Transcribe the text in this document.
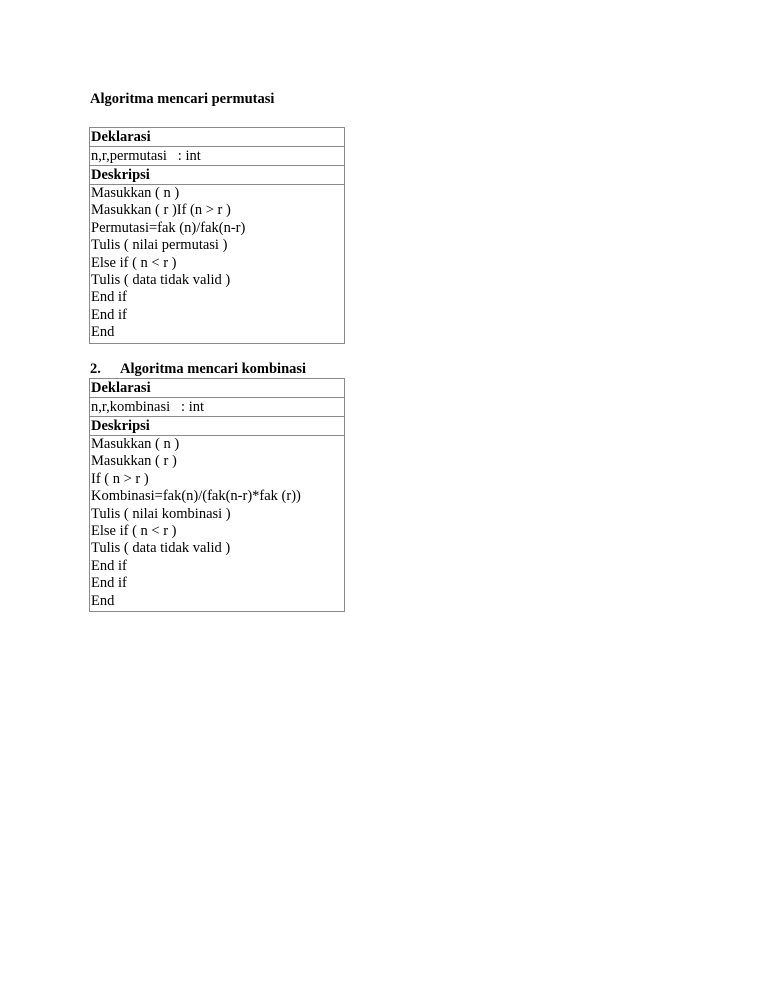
Algoritma mencari permutasi
Deklarasi
n,r,permutasi   : int
Deskripsi
Masukkan ( n )
Masukkan ( r )If (n > r )
Permutasi=fak (n)/fak(n-r)
Tulis ( nilai permutasi )
Else if ( n < r )
Tulis ( data tidak valid )
End if
End if
End
2. Algoritma mencari kombinasi
Deklarasi
n,r,kombinasi   : int
Deskripsi
Masukkan ( n )
Masukkan ( r )
If ( n > r )
Kombinasi=fak(n)/(fak(n-r)*fak (r))
Tulis ( nilai kombinasi )
Else if ( n < r )
Tulis ( data tidak valid )
End if
End if
End
